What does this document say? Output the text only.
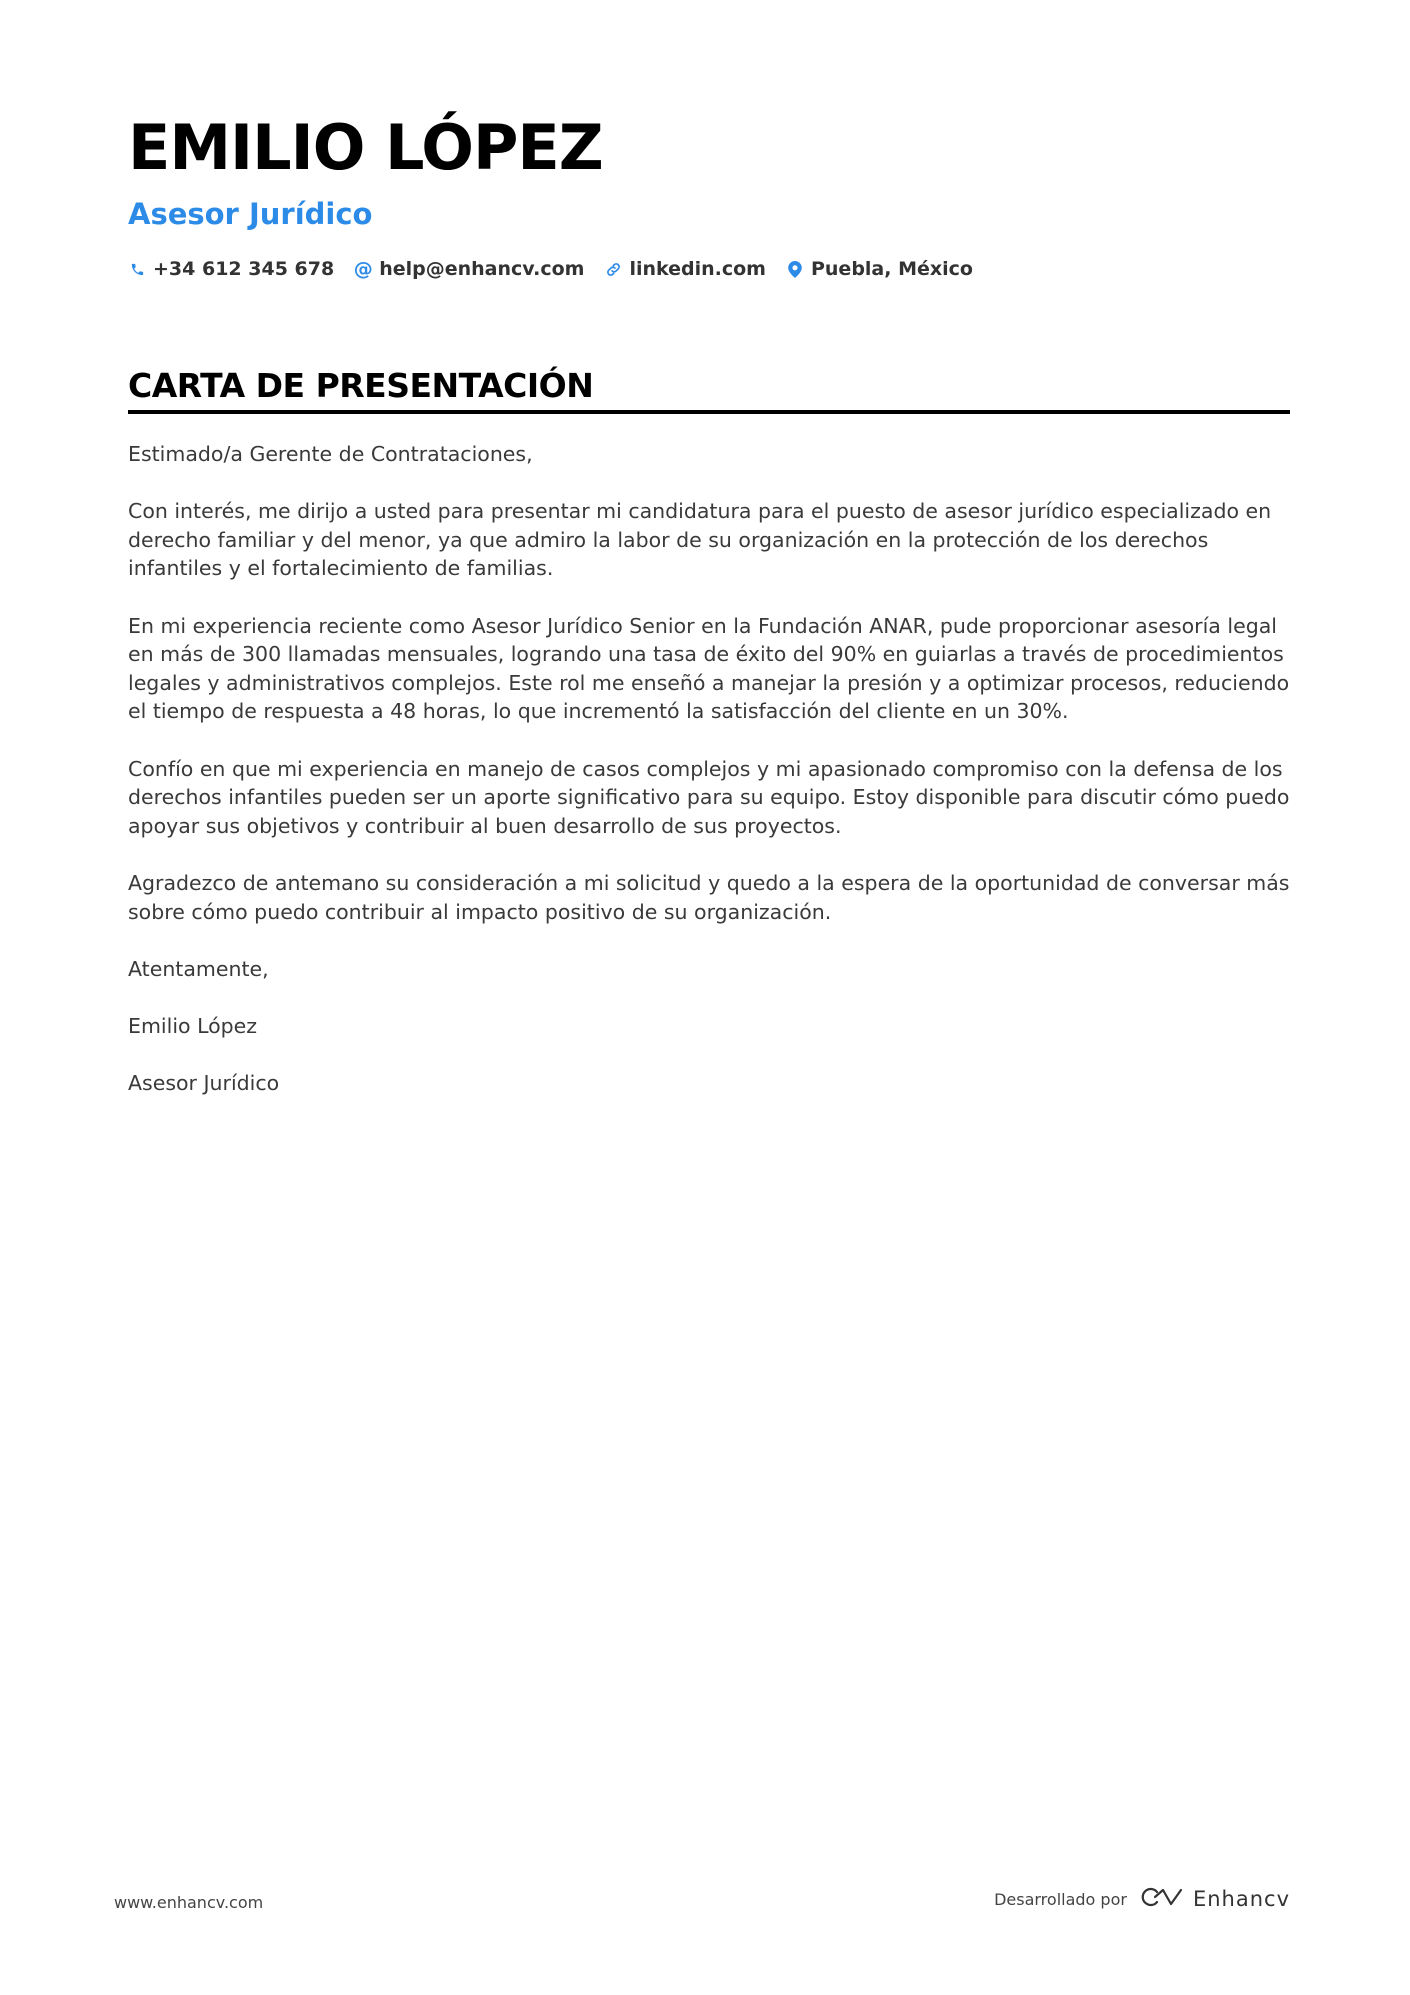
EMILIO LÓPEZ
Asesor Jurídico
+34 612 345 678 @ help@enhancv.com linkedin.com Puebla, México
CARTA DE PRESENTACIÓN

Estimado/a Gerente de Contrataciones,

Con interés, me dirijo a usted para presentar mi candidatura para el puesto de asesor jurídico especializado en derecho familiar y del menor, ya que admiro la labor de su organización en la protección de los derechos infantiles y el fortalecimiento de familias.

En mi experiencia reciente como Asesor Jurídico Senior en la Fundación ANAR, pude proporcionar asesoría legal en más de 300 llamadas mensuales, logrando una tasa de éxito del 90% en guiarlas a través de procedimientos legales y administrativos complejos. Este rol me enseñó a manejar la presión y a optimizar procesos, reduciendo el tiempo de respuesta a 48 horas, lo que incrementó la satisfacción del cliente en un 30%.

Confío en que mi experiencia en manejo de casos complejos y mi apasionado compromiso con la defensa de los derechos infantiles pueden ser un aporte significativo para su equipo. Estoy disponible para discutir cómo puedo apoyar sus objetivos y contribuir al buen desarrollo de sus proyectos.

Agradezco de antemano su consideración a mi solicitud y quedo a la espera de la oportunidad de conversar más sobre cómo puedo contribuir al impacto positivo de su organización.

Atentamente,

Emilio López

Asesor Jurídico

www.enhancv.com	Desarrollado por	Enhancv
